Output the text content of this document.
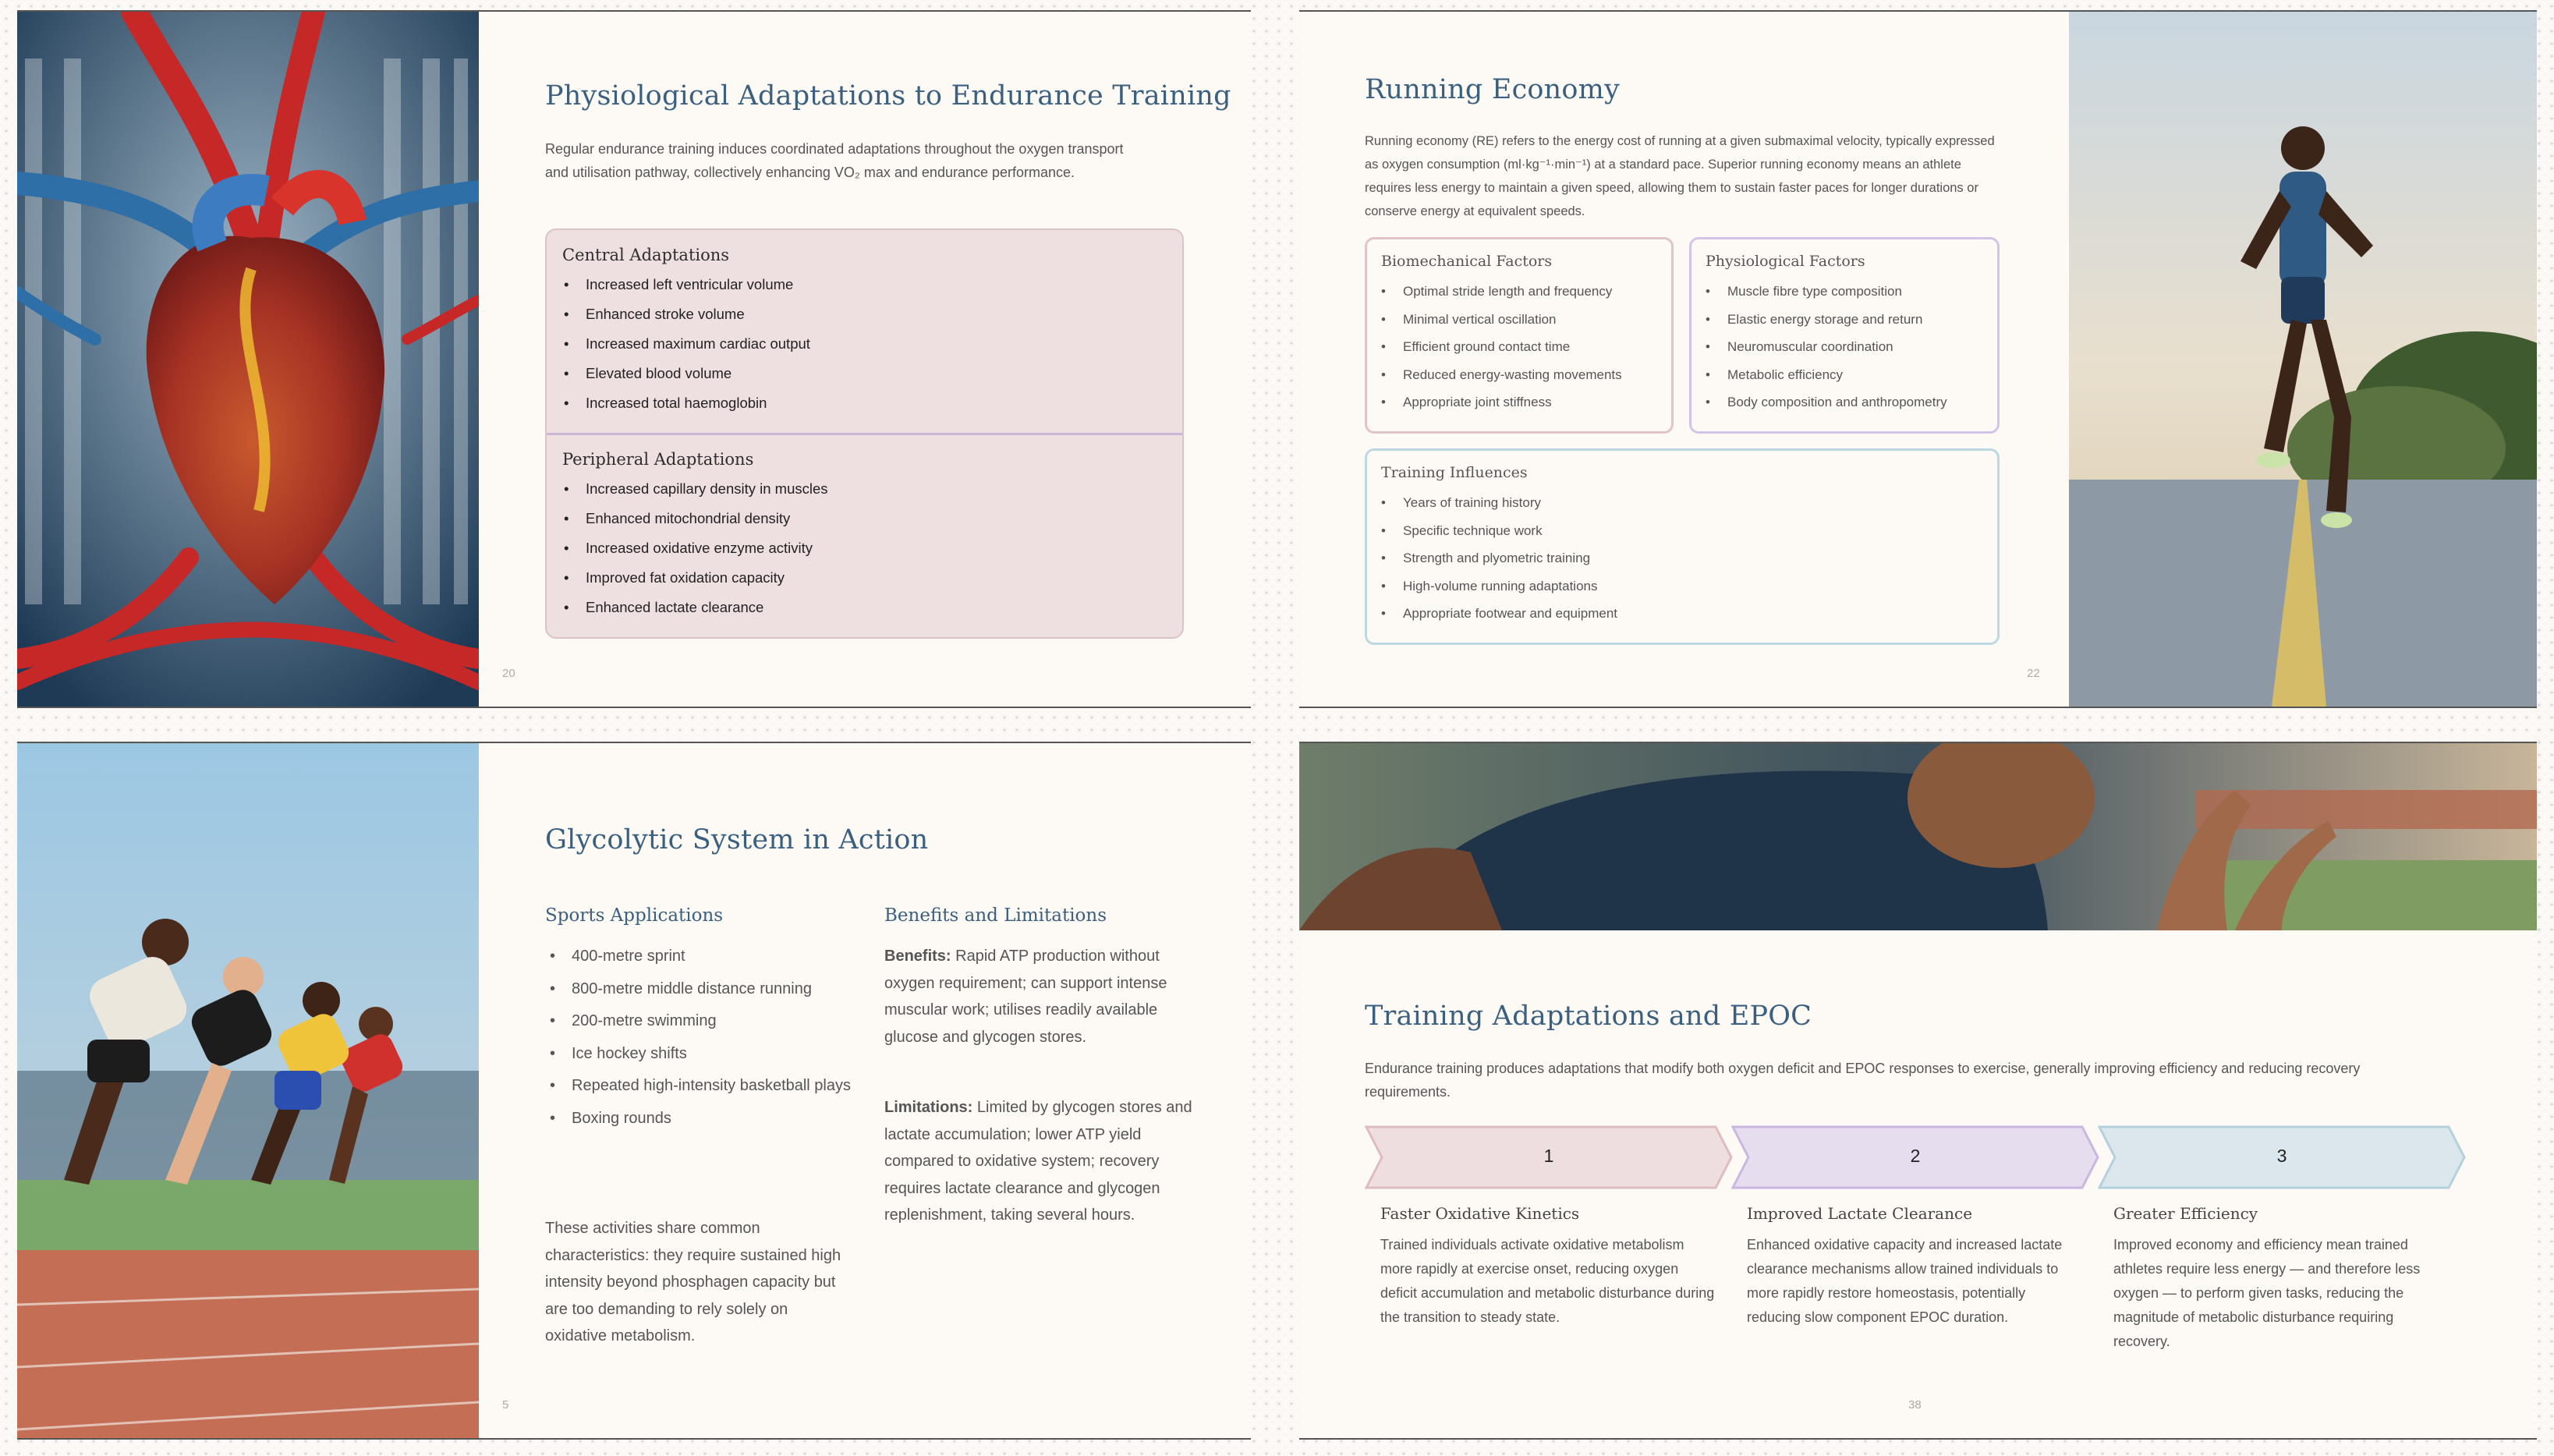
Physiological Adaptations to Endurance Training

Regular endurance training induces coordinated adaptations throughout the oxygen transport and utilisation pathway, collectively enhancing VO₂ max and endurance performance.

Central Adaptations
• Increased left ventricular volume
• Enhanced stroke volume
• Increased maximum cardiac output
• Elevated blood volume
• Increased total haemoglobin
Peripheral Adaptations
• Increased capillary density in muscles
• Enhanced mitochondrial density
• Increased oxidative enzyme activity
• Improved fat oxidation capacity
• Enhanced lactate clearance
20
Running Economy

Running economy (RE) refers to the energy cost of running at a given submaximal velocity, typically expressed as oxygen consumption (ml·kg⁻¹·min⁻¹) at a standard pace. Superior running economy means an athlete requires less energy to maintain a given speed, allowing them to sustain faster paces for longer durations or conserve energy at equivalent speeds.

Biomechanical Factors
• Optimal stride length and frequency
• Minimal vertical oscillation
• Efficient ground contact time
• Reduced energy-wasting movements
• Appropriate joint stiffness
Physiological Factors
• Muscle fibre type composition
• Elastic energy storage and return
• Neuromuscular coordination
• Metabolic efficiency
• Body composition and anthropometry
Training Influences
• Years of training history
• Specific technique work
• Strength and plyometric training
• High-volume running adaptations
• Appropriate footwear and equipment
22
Glycolytic System in Action
Sports Applications
• 400-metre sprint
• 800-metre middle distance running
• 200-metre swimming
• Ice hockey shifts
• Repeated high-intensity basketball plays
• Boxing rounds

These activities share common characteristics: they require sustained high intensity beyond phosphagen capacity but are too demanding to rely solely on oxidative metabolism.

Benefits and Limitations

Benefits: Rapid ATP production without oxygen requirement; can support intense muscular work; utilises readily available glucose and glycogen stores.

Limitations: Limited by glycogen stores and lactate accumulation; lower ATP yield compared to oxidative system; recovery requires lactate clearance and glycogen replenishment, taking several hours.

5
Training Adaptations and EPOC

Endurance training produces adaptations that modify both oxygen deficit and EPOC responses to exercise, generally improving efficiency and reducing recovery requirements.

1	2	3
Faster Oxidative Kinetics

Trained individuals activate oxidative metabolism more rapidly at exercise onset, reducing oxygen deficit accumulation and metabolic disturbance during the transition to steady state.

Improved Lactate Clearance

Enhanced oxidative capacity and increased lactate clearance mechanisms allow trained individuals to more rapidly restore homeostasis, potentially reducing slow component EPOC duration.

Greater Efficiency

Improved economy and efficiency mean trained athletes require less energy — and therefore less oxygen — to perform given tasks, reducing the magnitude of metabolic disturbance requiring recovery.

38
